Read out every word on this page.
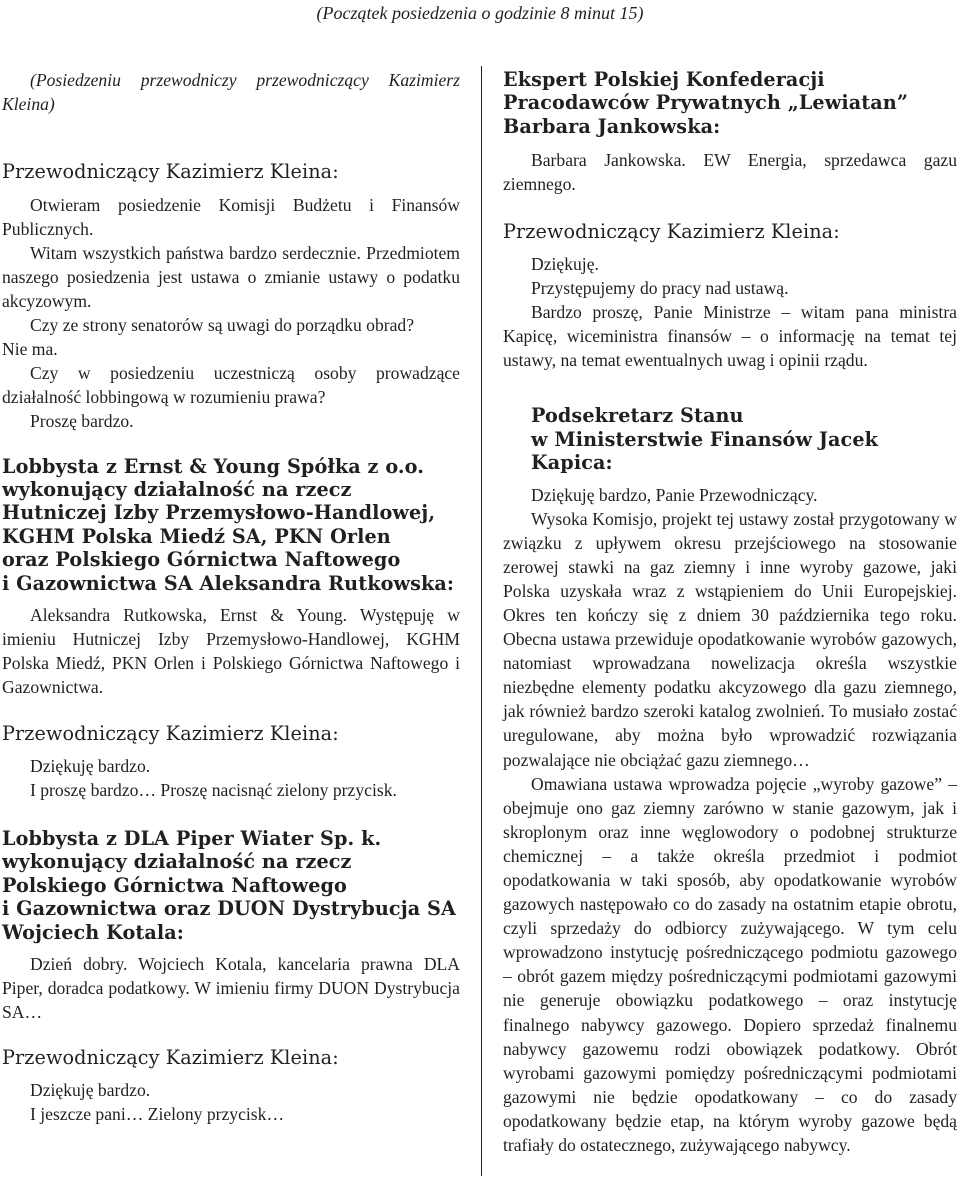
(Początek posiedzenia o godzinie 8 minut 15)

(Posiedzeniu przewodniczy przewodniczący Kazimierz Kleina)

Przewodniczący Kazimierz Kleina:

Otwieram posiedzenie Komisji Budżetu i Finansów Publicznych.

Witam wszystkich państwa bardzo serdecznie. Przedmiotem naszego posiedzenia jest ustawa o zmianie ustawy o podatku akcyzowym.

Czy ze strony senatorów są uwagi do porządku obrad?

Nie ma.

Czy w posiedzeniu uczestniczą osoby prowadzące działalność lobbingową w rozumieniu prawa?

Proszę bardzo.

Lobbysta z Ernst & Young Spółka z o.o.
wykonujący działalność na rzecz
Hutniczej Izby Przemysłowo-Handlowej,
KGHM Polska Miedź SA, PKN Orlen
oraz Polskiego Górnictwa Naftowego
i Gazownictwa SA Aleksandra Rutkowska:

Aleksandra Rutkowska, Ernst & Young. Występuję w imieniu Hutniczej Izby Przemysłowo-Handlowej, KGHM Polska Miedź, PKN Orlen i Polskiego Górnictwa Naftowego i Gazownictwa.

Przewodniczący Kazimierz Kleina:

Dziękuję bardzo.

I proszę bardzo… Proszę nacisnąć zielony przycisk.

Lobbysta z DLA Piper Wiater Sp. k.
wykonujący działalność na rzecz
Polskiego Górnictwa Naftowego
i Gazownictwa oraz DUON Dystrybucja SA
Wojciech Kotala:

Dzień dobry. Wojciech Kotala, kancelaria prawna DLA Piper, doradca podatkowy. W imieniu firmy DUON Dystrybucja SA…

Przewodniczący Kazimierz Kleina:

Dziękuję bardzo.

I jeszcze pani… Zielony przycisk…

Ekspert Polskiej Konfederacji
Pracodawców Prywatnych „Lewiatan”
Barbara Jankowska:

Barbara Jankowska. EW Energia, sprzedawca gazu ziemnego.

Przewodniczący Kazimierz Kleina:

Dziękuję.

Przystępujemy do pracy nad ustawą.

Bardzo proszę, Panie Ministrze – witam pana ministra Kapicę, wiceministra finansów – o informację na temat tej ustawy, na temat ewentualnych uwag i opinii rządu.

Podsekretarz Stanu
w Ministerstwie Finansów Jacek Kapica:

Dziękuję bardzo, Panie Przewodniczący.

Wysoka Komisjo, projekt tej ustawy został przygotowany w związku z upływem okresu przejściowego na stosowanie zerowej stawki na gaz ziemny i inne wyroby gazowe, jaki Polska uzyskała wraz z wstąpieniem do Unii Europejskiej. Okres ten kończy się z dniem 30 października tego roku. Obecna ustawa przewiduje opodatkowanie wyrobów gazowych, natomiast wprowadzana nowelizacja określa wszystkie niezbędne elementy podatku akcyzowego dla gazu ziemnego, jak również bardzo szeroki katalog zwolnień. To musiało zostać uregulowane, aby można było wprowadzić rozwiązania pozwalające nie obciążać gazu ziemnego…

Omawiana ustawa wprowadza pojęcie „wyroby gazowe” – obejmuje ono gaz ziemny zarówno w stanie gazowym, jak i skroplonym oraz inne węglowodory o podobnej strukturze chemicznej – a także określa przedmiot i podmiot opodatkowania w taki sposób, aby opodatkowanie wyrobów gazowych następowało co do zasady na ostatnim etapie obrotu, czyli sprzedaży do odbiorcy zużywającego. W tym celu wprowadzono instytucję pośredniczącego podmiotu gazowego – obrót gazem między pośredniczącymi podmiotami gazowymi nie generuje obowiązku podatkowego – oraz instytucję finalnego nabywcy gazowego. Dopiero sprzedaż finalnemu nabywcy gazowemu rodzi obowiązek podatkowy. Obrót wyrobami gazowymi pomiędzy pośredniczącymi podmiotami gazowymi nie będzie opodatkowany – co do zasady opodatkowany będzie etap, na którym wyroby gazowe będą trafiały do ostatecznego, zużywającego nabywcy.
